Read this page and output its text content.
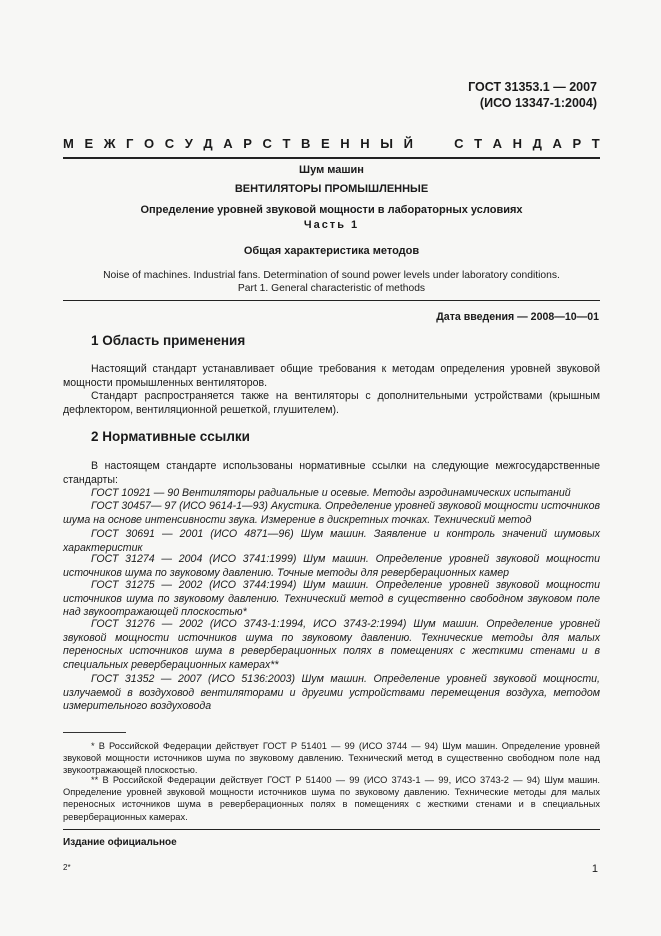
ГОСТ 31353.1 — 2007
(ИСО 13347-1:2004)
М Е Ж Г О С У Д А Р С Т В Е Н Н Ы Й	С Т А Н Д А Р Т
Шум машин
ВЕНТИЛЯТОРЫ ПРОМЫШЛЕННЫЕ
Определение уровней звуковой мощности в лабораторных условиях
Часть 1
Общая характеристика методов
Noise of machines. Industrial fans. Determination of sound power levels under laboratory conditions.
Part 1. General characteristic of methods
Дата введения — 2008—10—01
1 Область применения

Настоящий стандарт устанавливает общие требования к методам определения уровней звуковой мощности промышленных вентиляторов.

Стандарт распространяется также на вентиляторы с дополнительными устройствами (крышным дефлектором, вентиляционной решеткой, глушителем).

2 Нормативные ссылки

В настоящем стандарте использованы нормативные ссылки на следующие межгосударственные стандарты:

ГОСТ 10921 — 90 Вентиляторы радиальные и осевые. Методы аэродинамических испытаний

ГОСТ 30457— 97 (ИСО 9614-1—93) Акустика. Определение уровней звуковой мощности источников шума на основе интенсивности звука. Измерение в дискретных точках. Технический метод

ГОСТ 30691 — 2001 (ИСО 4871—96) Шум машин. Заявление и контроль значений шумовых характеристик

ГОСТ 31274 — 2004 (ИСО 3741:1999) Шум машин. Определение уровней звуковой мощности источников шума по звуковому давлению. Точные методы для реверберационных камер

ГОСТ 31275 — 2002 (ИСО 3744:1994) Шум машин. Определение уровней звуковой мощности источников шума по звуковому давлению. Технический метод в существенно свободном звуковом поле над звукоотражающей плоскостью*

ГОСТ 31276 — 2002 (ИСО 3743-1:1994, ИСО 3743-2:1994) Шум машин. Определение уровней звуковой мощности источников шума по звуковому давлению. Технические методы для малых переносных источников шума в реверберационных полях в помещениях с жесткими стенами и в специальных реверберационных камерах**

ГОСТ 31352 — 2007 (ИСО 5136:2003) Шум машин. Определение уровней звуковой мощности, излучаемой в воздуховод вентиляторами и другими устройствами перемещения воздуха, методом измерительного воздуховода

* В Российской Федерации действует ГОСТ Р 51401 — 99 (ИСО 3744 — 94) Шум машин. Определение уровней звуковой мощности источников шума по звуковому давлению. Технический метод в существенно свободном поле над звукоотражающей плоскостью.

** В Российской Федерации действует ГОСТ Р 51400 — 99 (ИСО 3743-1 — 99, ИСО 3743-2 — 94) Шум машин. Определение уровней звуковой мощности источников шума по звуковому давлению. Технические методы для малых переносных источников шума в реверберационных полях в помещениях с жесткими стенами и в специальных реверберационных камерах.

Издание официальное
2*	1
